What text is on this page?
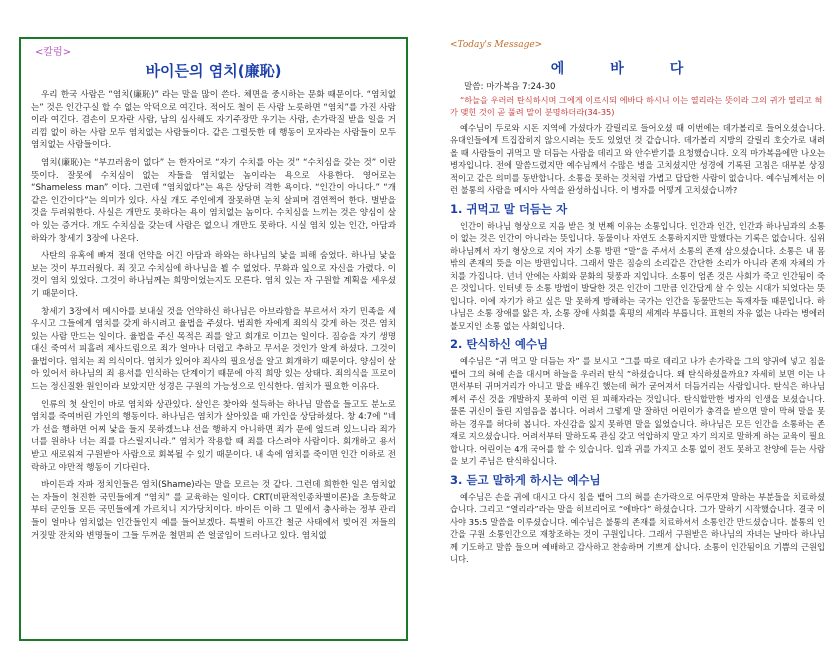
<칼럼>
바이든의 염치(廉恥)

우리 한국 사람은 “염치(廉恥)” 라는 말을 많이 쓴다. 체면을 중시하는 문화 때문이다. “염치없는” 것은 인간구실 할 수 없는 악덕으로 여긴다. 적어도 철이 든 사람 노릇하면 “염치”를 가진 사람이라 여긴다. 겸손이 모자란 사람, 남의 심사해도 자기주장만 우기는 사람, 손가락질 받을 일을 거리낌 없이 하는 사람 모두 염치없는 사람들이다. 같은 그럴듯한 데 행동이 모자라는 사람들이 모두 염치없는 사람들이다.

염치(廉恥)는 “부끄러움이 없다” 는 한자어로 “자기 수치를 아는 것” “수치심을 갖는 것” 이란 뜻이다. 잘못에 수치심이 없는 자들을 염치없는 놈이라는 욕으로 사용한다. 영어로는 “Shameless man” 이다. 그런데 “염치없다”는 욕은 상당히 격한 욕이다. “인간이 아니다.” “개 같은 인간이다”는 의미가 있다. 사실 개도 주인에게 잘못하면 눈치 살피며 겸연쩍어 한다. 벌받을 것을 두려워한다. 사실은 개만도 못하다는 욕이 염치없는 놈이다. 수치심을 느끼는 것은 양심이 살아 있는 증거다. 개도 수치심을 갖는데 사람은 없으니 개만도 못하다. 시실 염치 있는 인간, 아담과 하와가 창세기 3장에 나온다.

사탄의 유혹에 빠져 절대 언약을 어긴 아담과 하와는 하나님의 낯을 피해 숨었다. 하나님 낯을 보는 것이 부끄러웠다. 죄 짓고 수치심에 하나님을 뵐 수 없었다. 무화과 잎으로 자신을 가렸다. 이것이 염치 있었다. 그것이 하나님께는 희망이었는지도 모른다. 염치 있는 자 구원할 계획을 세우셨기 때문이다.

창세기 3장에서 메시아를 보내실 것을 언약하신 하나님은 아브라함을 부르셔서 자기 민족을 세우시고 그들에게 염치를 갖게 하시려고 율법을 주셨다. 범죄한 자에게 죄의식 갖게 하는 것은 염치 있는 사람 만드는 일이다. 율법을 주신 목적은 죄를 알고 회개로 이끄는 일이다. 짐승을 자기 생명 대신 죽여서 피흘려 제사드림으로 죄가 얼마나 더럽고 추하고 무서운 것인가 알게 하셨다. 그것이 율법이다. 염치는 죄 의식이다. 염치가 있어야 죄사의 필요성을 알고 회개하기 때문이다. 양심이 살아 있어서 하나님의 죄 용서를 인식하는 단계이기 때문에 아직 희망 있는 상태다. 죄의식을 프로이드는 정신질환 원인이라 보았지만 성경은 구원의 가능성으로 인식한다. 염치가 필요한 이유다.

인류의 첫 살인이 바로 염치와 상관있다. 살인은 찾아와 설득하는 하나님 말씀을 들고도 분노로 염치를 죽여버린 가인의 행동이다. 하나님은 염치가 살아있을 때 가인을 상담하셨다. 창 4:7에 “네가 선을 행하면 어찌 낯을 들지 못하겠느냐 선을 행하지 아니하면 죄가 문에 엎드려 있느니라 죄가 너를 원하나 너는 죄를 다스릴지니라.” 염치가 작용할 때 죄를 다스려야 사람이다. 회개하고 용서 받고 새로워져 구원받아 사람으로 회복될 수 있기 때문이다. 내 속에 염치를 죽이면 인간 이하로 전락하고 야만적 행동이 기다린다.

바이든과 자파 정치인들은 염치(Shame)라는 말을 모르는 것 같다. 그런데 희한한 일은 염치없는 자들이 천진한 국민들에게 “염치” 를 교육하는 일이다. CRT(비판적인종차별이론)을 초등학교부터 군인들 모든 국민들에게 가르치니 지가당치이다. 바이든 이하 그 밑에서 충사하는 정부 관리들이 얼마나 염치없는 인간들인지 예를 들어보겠다. 특별히 아프간 철군 사태에서 빚어진 저들의 거짓말 잔치와 변명들이 그들 두꺼운 철면피 쓴 얼굴임이 드러나고 있다. 염치없

<Today's Message>
에바다
말씀: 마가복음 7:24-30
“하늘을 우러러 탄식하시며 그에게 이르시되 에바다 하시니 이는 열리라는 뜻이라 그의 귀가 열리고 혀가 맺힌 것이 곧 풀려 말이 분명하더라(34-35)

예수님이 두로와 시돈 지역에 가셨다가 갈릴리로 들어오셨 때 이번에는 데가볼리로 들어오셨습니다. 유대인들에게 트집잡히지 않으시려는 듯도 있었던 것 같습니다. 데가볼리 지방의 갈릴리 호숫가로 내려올 때 사람들이 귀먹고 말 더듬는 사람을 데리고 와 안수받기를 요청했습니다. 오직 마가복음에만 나오는 병자입니다. 전에 말씀드렸지만 예수님께서 수많은 병을 고치셨지만 성경에 기록된 고침은 대부분 상징적이고 같은 의미를 동반합니다. 소통을 못하는 것처럼 가볍고 답답한 사람이 없습니다. 예수님께서는 이런 불통의 사람을 메시아 사역을 완성하십니다. 이 병자를 어떻게 고치셨습니까?

1. 귀먹고 말 더듬는 자

인간이 하나님 형상으로 지음 받은 첫 번째 이유는 소통입니다. 인간과 인간, 인간과 하나님과의 소통이 없는 것은 인간이 아니라는 뜻입니다. 동물이나 자연도 소통하지지만 말했다는 기록은 없습니다. 심위 하나님께서 자기 형상으로 지어 자기 소통 방편 “말”을 주셔서 소통의 존재 삼으셨습니다. 소통은 내 몸 밖의 존재의 뜻을 이는 방편입니다. 그래서 말은 짐승의 소리같은 간단한 소리가 아니라 존재 자체의 가치를 가집니다. 넌너 안에는 사회와 문화의 뒷풍과 지입니다. 소통이 엄존 것은 사회가 죽고 인간됨이 죽은 것입니다. 인터넷 등 소통 방법이 발달한 것은 인간이 그만큼 인간답게 살 수 있는 시대가 되었다는 뜻입니다. 이에 자기가 하고 싶은 말 못하게 방해하는 국가는 인간을 동물만드는 독재자들 때문입니다. 하나님은 소통 장애를 앓은 자, 소통 장애 사회를 혹평의 세계라 부릅니다. 표현의 자유 없는 나라는 병에러 불모지인 소통 없는 사회입니다.

2. 탄식하신 예수님

예수님은 “귀 먹고 말 더듬는 자” 를 보시고 “그를 따로 데리고 나가 손가락을 그의 양귀에 넣고 침을 뱉어 그의 혀에 손을 대시며 하늘을 우러러 탄식 ”하셨습니다. 왜 탄식하셨을까요? 자세히 보면 이는 나면서부터 귀머거리가 아니고 말을 배우긴 했는데 혀가 굳어져서 더듬거리는 사람입니다. 탄식은 하나님께서 주신 것을 개발하지 못하여 이런 된 피해자라는 것입니다. 탄식할만한 병자의 인생을 보셨습니다. 물론 귀신이 들린 지염음을 봅니다. 어려서 그렇게 말 잘하던 어린이가 충격을 받으면 말이 막혀 말을 못하는 경우를 허다히 봅니다. 자신감을 잃지 못하면 말을 잃었습니다. 하나님은 모든 인간을 소통하는 존재로 지으셨습니다. 어려서부터 말하도록 관심 갖고 억압하지 말고 자기 의지로 말하게 하는 교육이 필요합니다. 어린이는 4개 국어를 할 수 있습니다. 입과 귀를 가지고 소통 없이 전도 못하고 찬양에 듣는 사람을 보기 주님은 탄식하십니다.

3. 듣고 말하게 하시는 예수님

예수님은 손을 귀에 대시고 다시 침을 뱉어 그의 혀를 손가락으로 어루만져 말하는 부분들을 치료하셨습니다. 그리고 “열리라”라는 말을 히브리어로 “에바다” 하셨습니다. 그가 말하기 시작했습니다. 결국 이사야 35:5 말씀을 이루셨습니다. 예수님은 불통의 존재를 치료하셔서 소통인간 만드셨습니다. 불통의 인간을 구원 소통인간으로 재창조하는 것이 구원입니다. 그래서 구원받은 하나님의 자녀는 날마다 하나님께 기도하고 말씀 들으며 예배하고 감사하고 찬송하며 기쁘게 삽니다. 소통이 인간됨이요 기쁨의 근원입니다.
